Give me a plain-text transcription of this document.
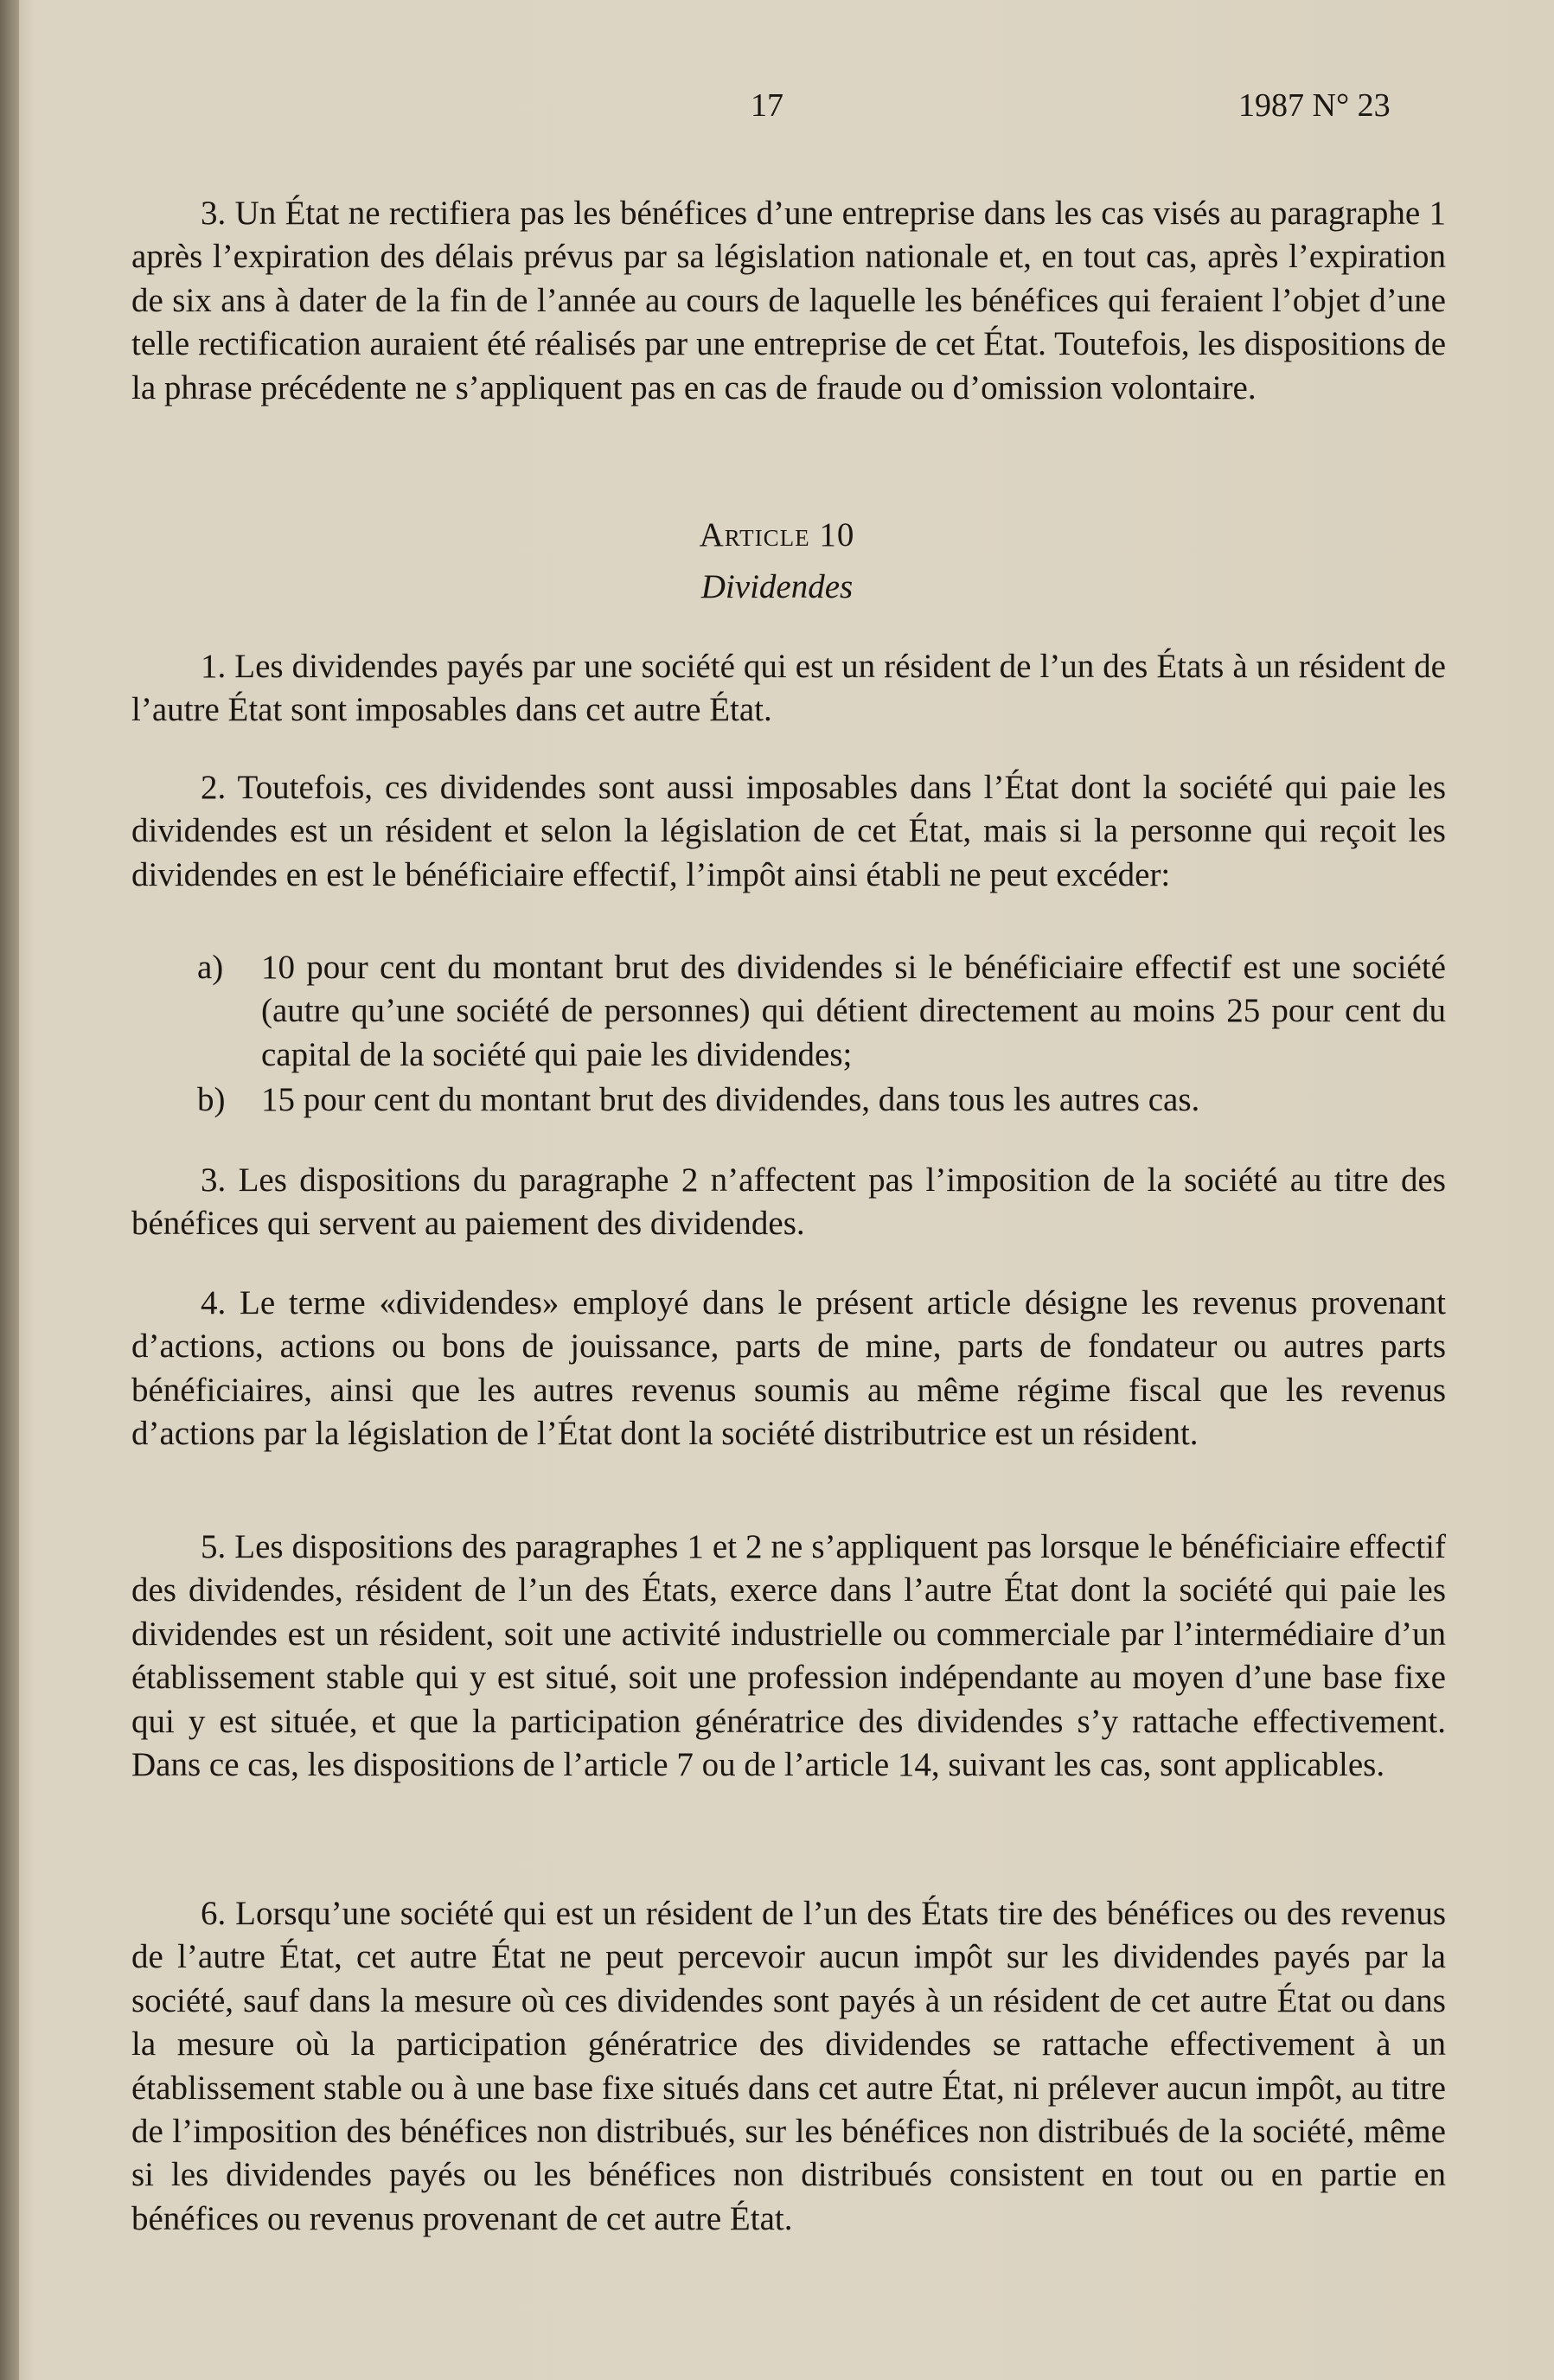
17	1987 N° 23

3. Un État ne rectifiera pas les bénéfices d’une entreprise dans les cas visés au paragraphe 1 après l’expiration des délais prévus par sa législation nationale et, en tout cas, après l’expiration de six ans à dater de la fin de l’année au cours de laquelle les bénéfices qui feraient l’objet d’une telle rectification auraient été réalisés par une entreprise de cet État. Toutefois, les dispositions de la phrase précédente ne s’appliquent pas en cas de fraude ou d’omission volontaire.

Article 10
Dividendes

1. Les dividendes payés par une société qui est un résident de l’un des États à un résident de l’autre État sont imposables dans cet autre État.

2. Toutefois, ces dividendes sont aussi imposables dans l’État dont la société qui paie les dividendes est un résident et selon la législation de cet État, mais si la personne qui reçoit les dividendes en est le bénéficiaire effectif, l’impôt ainsi établi ne peut excéder:

a) 10 pour cent du montant brut des dividendes si le bénéficiaire effectif est une société (autre qu’une société de personnes) qui détient directement au moins 25 pour cent du capital de la société qui paie les dividendes;
b) 15 pour cent du montant brut des dividendes, dans tous les autres cas.

3. Les dispositions du paragraphe 2 n’affectent pas l’imposition de la société au titre des bénéfices qui servent au paiement des dividendes.

4. Le terme «dividendes» employé dans le présent article désigne les revenus provenant d’actions, actions ou bons de jouissance, parts de mine, parts de fondateur ou autres parts bénéficiaires, ainsi que les autres revenus soumis au même régime fiscal que les revenus d’actions par la législation de l’État dont la société distributrice est un résident.

5. Les dispositions des paragraphes 1 et 2 ne s’appliquent pas lorsque le bénéficiaire effectif des dividendes, résident de l’un des États, exerce dans l’autre État dont la société qui paie les dividendes est un résident, soit une activité industrielle ou commerciale par l’intermédiaire d’un établissement stable qui y est situé, soit une profession indépendante au moyen d’une base fixe qui y est située, et que la participation génératrice des dividendes s’y rattache effectivement. Dans ce cas, les dispositions de l’article 7 ou de l’article 14, suivant les cas, sont applicables.

6. Lorsqu’une société qui est un résident de l’un des États tire des bénéfices ou des revenus de l’autre État, cet autre État ne peut percevoir aucun impôt sur les dividendes payés par la société, sauf dans la mesure où ces dividendes sont payés à un résident de cet autre État ou dans la mesure où la participation génératrice des dividendes se rattache effectivement à un établissement stable ou à une base fixe situés dans cet autre État, ni prélever aucun impôt, au titre de l’imposition des bénéfices non distribués, sur les bénéfices non distribués de la société, même si les dividendes payés ou les bénéfices non distribués consistent en tout ou en partie en bénéfices ou revenus provenant de cet autre État.
